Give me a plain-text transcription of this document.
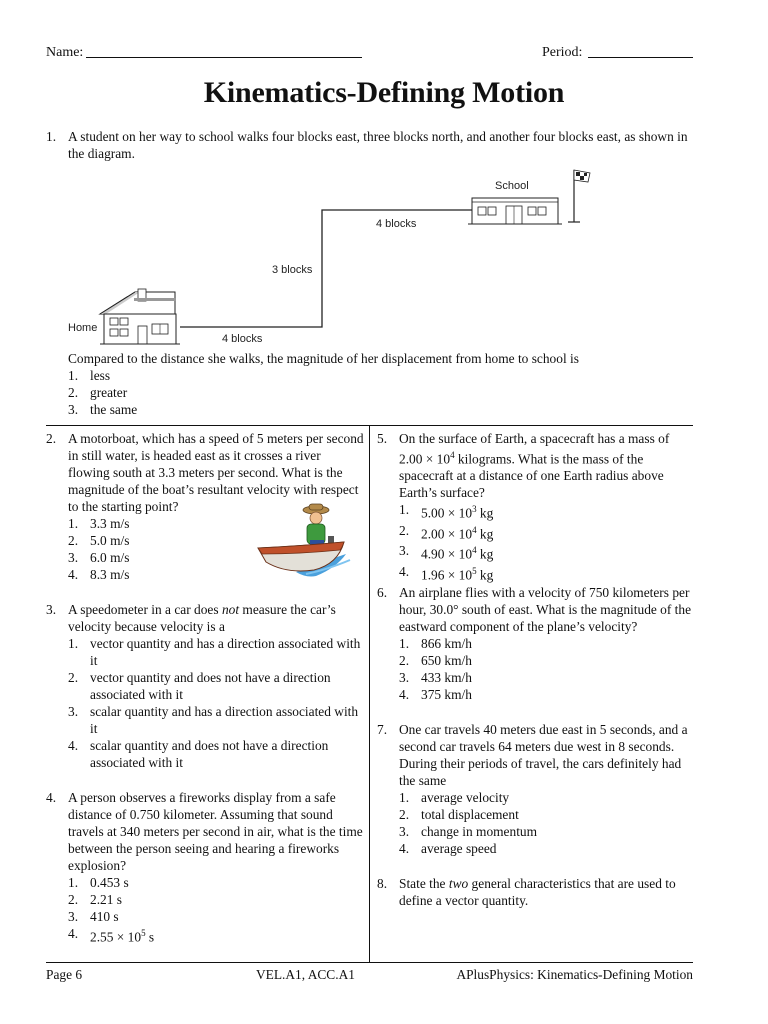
Name:	Period:
Kinematics-Defining Motion
1. A student on her way to school walks four blocks east, three blocks north, and another four blocks east, as shown in the diagram.
School
Home
4 blocks
3 blocks
4 blocks
Compared to the distance she walks, the magnitude of her displacement from home to school is
1. less
2. greater
3. the same
2. A motorboat, which has a speed of 5 meters per second in still water, is headed east as it crosses a river flowing south at 3.3 meters per second. What is the magnitude of the boat’s resultant velocity with respect to the starting point?
1. 3.3 m/s
2. 5.0 m/s
3. 6.0 m/s
4. 8.3 m/s
3. A speedometer in a car does not measure the car’s velocity because velocity is a
1. vector quantity and has a direction associated with it
2. vector quantity and does not have a direction associated with it
3. scalar quantity and has a direction associated with it
4. scalar quantity and does not have a direction associated with it
4. A person observes a fireworks display from a safe distance of 0.750 kilometer. Assuming that sound travels at 340 meters per second in air, what is the time between the person seeing and hearing a fireworks explosion?
1. 0.453 s
2. 2.21 s
3. 410 s
4. $2.55 \times 10^5$ s
5. On the surface of Earth, a spacecraft has a mass of $2.00 \times 10^4$ kilograms. What is the mass of the spacecraft at a distance of one Earth radius above Earth’s surface?
1. $5.00 \times 10^3$ kg
2. $2.00 \times 10^4$ kg
3. $4.90 \times 10^4$ kg
4. $1.96 \times 10^5$ kg
6. An airplane flies with a velocity of 750 kilometers per hour, 30.0° south of east. What is the magnitude of the eastward component of the plane’s velocity?
1. 866 km/h
2. 650 km/h
3. 433 km/h
4. 375 km/h
7. One car travels 40 meters due east in 5 seconds, and a second car travels 64 meters due west in 8 seconds. During their periods of travel, the cars definitely had the same
1. average velocity
2. total displacement
3. change in momentum
4. average speed
8. State the two general characteristics that are used to define a vector quantity.
Page 6	VEL.A1, ACC.A1	APlusPhysics: Kinematics-Defining Motion
